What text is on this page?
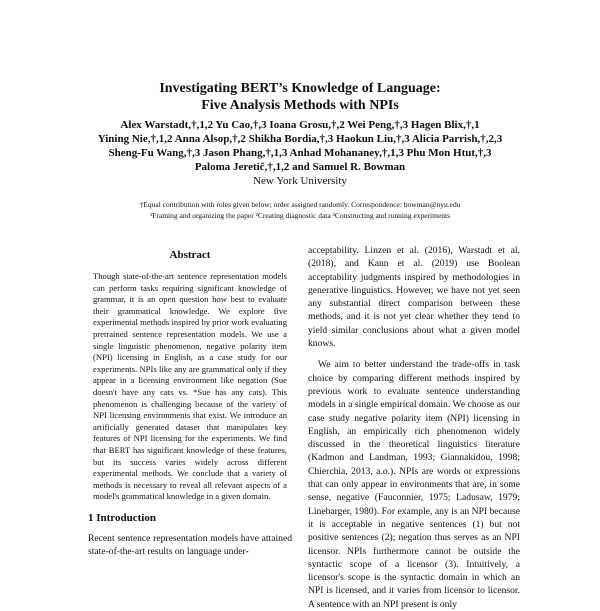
Investigating BERT’s Knowledge of Language:
Five Analysis Methods with NPIs
Alex Warstadt,†,1,2 Yu Cao,†,3 Ioana Grosu,†,2 Wei Peng,†,3 Hagen Blix,†,1
Yining Nie,†,1,2 Anna Alsop,†,2 Shikha Bordia,†,3 Haokun Liu,†,3 Alicia Parrish,†,2,3
Sheng-Fu Wang,†,3 Jason Phang,†,1,3 Anhad Mohananey,†,1,3 Phu Mon Htut,†,3
Paloma Jeretič,†,1,2 and Samuel R. Bowman
New York University
†Equal contribution with roles given below; order assigned randomly. Correspondence: bowman@nyu.edu
¹Framing and organizing the paper ²Creating diagnostic data ³Constructing and running experiments
Abstract

Though state-of-the-art sentence representation models can perform tasks requiring significant knowledge of grammar, it is an open question how best to evaluate their grammatical knowledge. We explore five experimental methods inspired by prior work evaluating pretrained sentence representation models. We use a single linguistic phenomenon, negative polarity item (NPI) licensing in English, as a case study for our experiments. NPIs like any are grammatical only if they appear in a licensing environment like negation (Sue doesn't have any cats vs. *Sue has any cats). This phenomenon is challenging because of the variety of NPI licensing environments that exist. We introduce an artificially generated dataset that manipulates key features of NPI licensing for the experiments. We find that BERT has significant knowledge of these features, but its success varies widely across different experimental methods. We conclude that a variety of methods is necessary to reveal all relevant aspects of a model's grammatical knowledge in a given domain.

1 Introduction

Recent sentence representation models have attained state-of-the-art results on language under-

acceptability. Linzen et al. (2016), Warstadt et al. (2018), and Kann et al. (2019) use Boolean acceptability judgments inspired by methodologies in generative linguistics. However, we have not yet seen any substantial direct comparison between these methods, and it is not yet clear whether they tend to yield similar conclusions about what a given model knows.

We aim to better understand the trade-offs in task choice by comparing different methods inspired by previous work to evaluate sentence understanding models in a single empirical domain. We choose as our case study negative polarity item (NPI) licensing in English, an empirically rich phenomenon widely discussed in the theoretical linguistics literature (Kadmon and Landman, 1993; Giannakidou, 1998; Chierchia, 2013, a.o.). NPIs are words or expressions that can only appear in environments that are, in some sense, negative (Fauconnier, 1975; Ladusaw, 1979; Linebarger, 1980). For example, any is an NPI because it is acceptable in negative sentences (1) but not positive sentences (2); negation thus serves as an NPI licensor. NPIs furthermore cannot be outside the syntactic scope of a licensor (3). Intuitively, a licensor's scope is the syntactic domain in which an NPI is licensed, and it varies from licensor to licensor. A sentence with an NPI present is only
